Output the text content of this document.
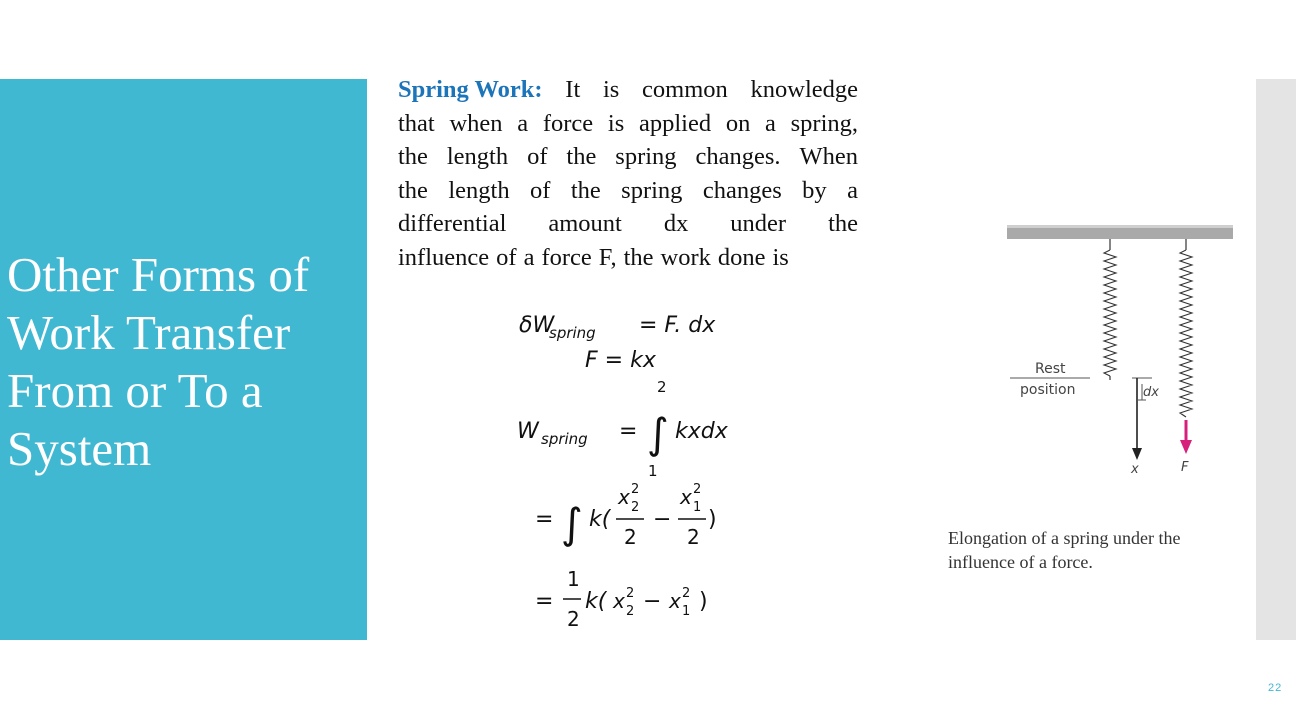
Other Forms of
Work Transfer
From or To a
System
Spring Work: It is common knowledge
that when a force is applied on a spring,
the length of the spring changes. When
the length of the spring changes by a
differential amount dx under the
influence of a force F, the work done is
δW
spring = F. dx
F = kx
2
W spring = ∫ kxdx
1
= ∫ k(
x 2
2
2
−
x 1
2
2
)
=
1
2
k( x 2
2 − x 1
2 )
Rest
position
x
dx
F
Elongation of a spring under the
influence of a force.
22
